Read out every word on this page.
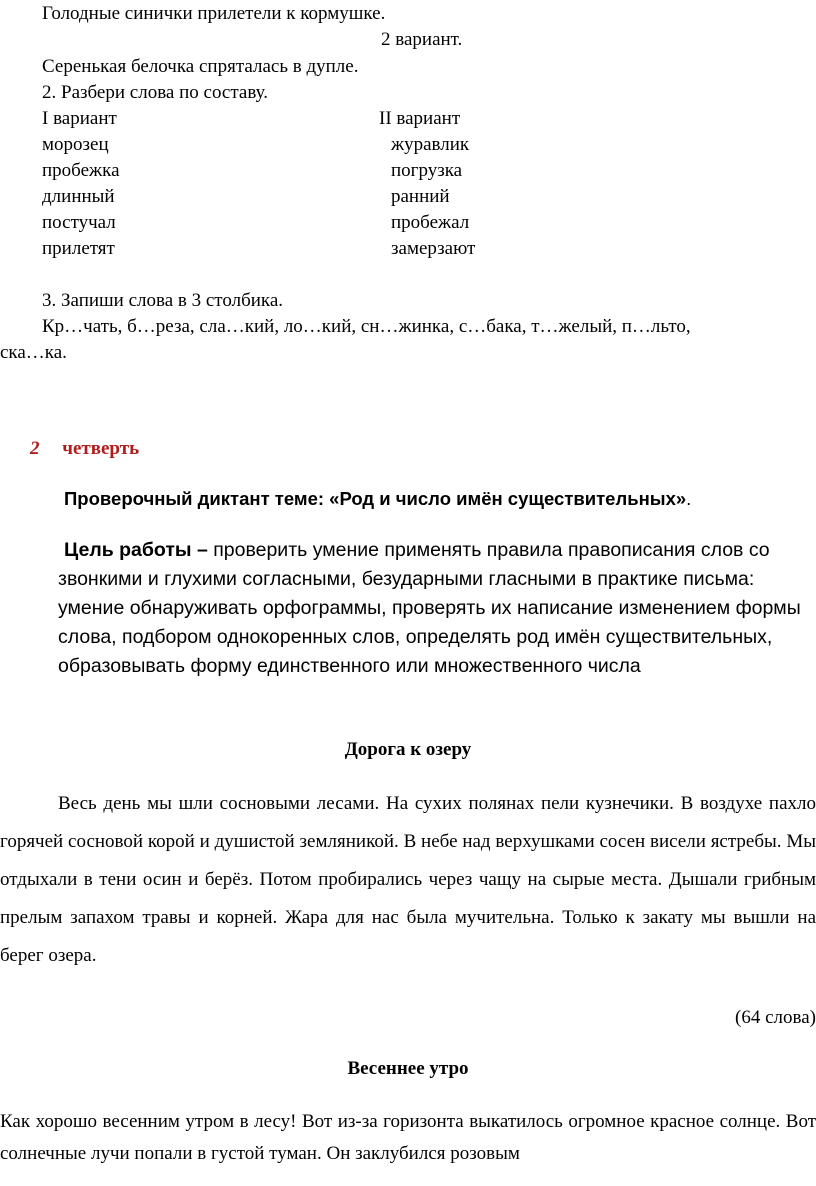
Голодные синички прилетели к кормушке.
2 вариант.
Серенькая белочка спряталась в дупле.
2. Разбери слова по составу.
I вариант	II вариант
морозец
пробежка
длинный
постучал
прилетят
журавлик
погрузка
ранний
пробежал
замерзают
3. Запиши слова в 3 столбика.
Кр…чать, б…реза, сла…кий, ло…кий, сн…жинка, с…бака, т…желый, п…льто,
ска…ка.
2 четверть
Проверочный диктант теме: «Род и число имён существительных».

Цель работы – проверить умение применять правила правописания слов со звонкими и глухими согласными, безударными гласными в практике письма: умение обнаруживать орфограммы, проверять их написание изменением формы слова, подбором однокоренных слов, определять род имён существительных, образовывать форму единственного или множественного числа

Дорога к озеру

Весь день мы шли сосновыми лесами. На сухих полянах пели кузнечики. В воздухе пахло горячей сосновой корой и душистой земляникой. В небе над верхушками сосен висели ястребы. Мы отдыхали в тени осин и берёз. Потом пробирались через чащу на сырые места. Дышали грибным прелым запахом травы и корней. Жара для нас была мучительна. Только к закату мы вышли на берег озера.

(64 слова)
Весеннее утро

Как хорошо весенним утром в лесу! Вот из-за горизонта выкатилось огромное красное солнце. Вот солнечные лучи попали в густой туман. Он заклубился розовым
